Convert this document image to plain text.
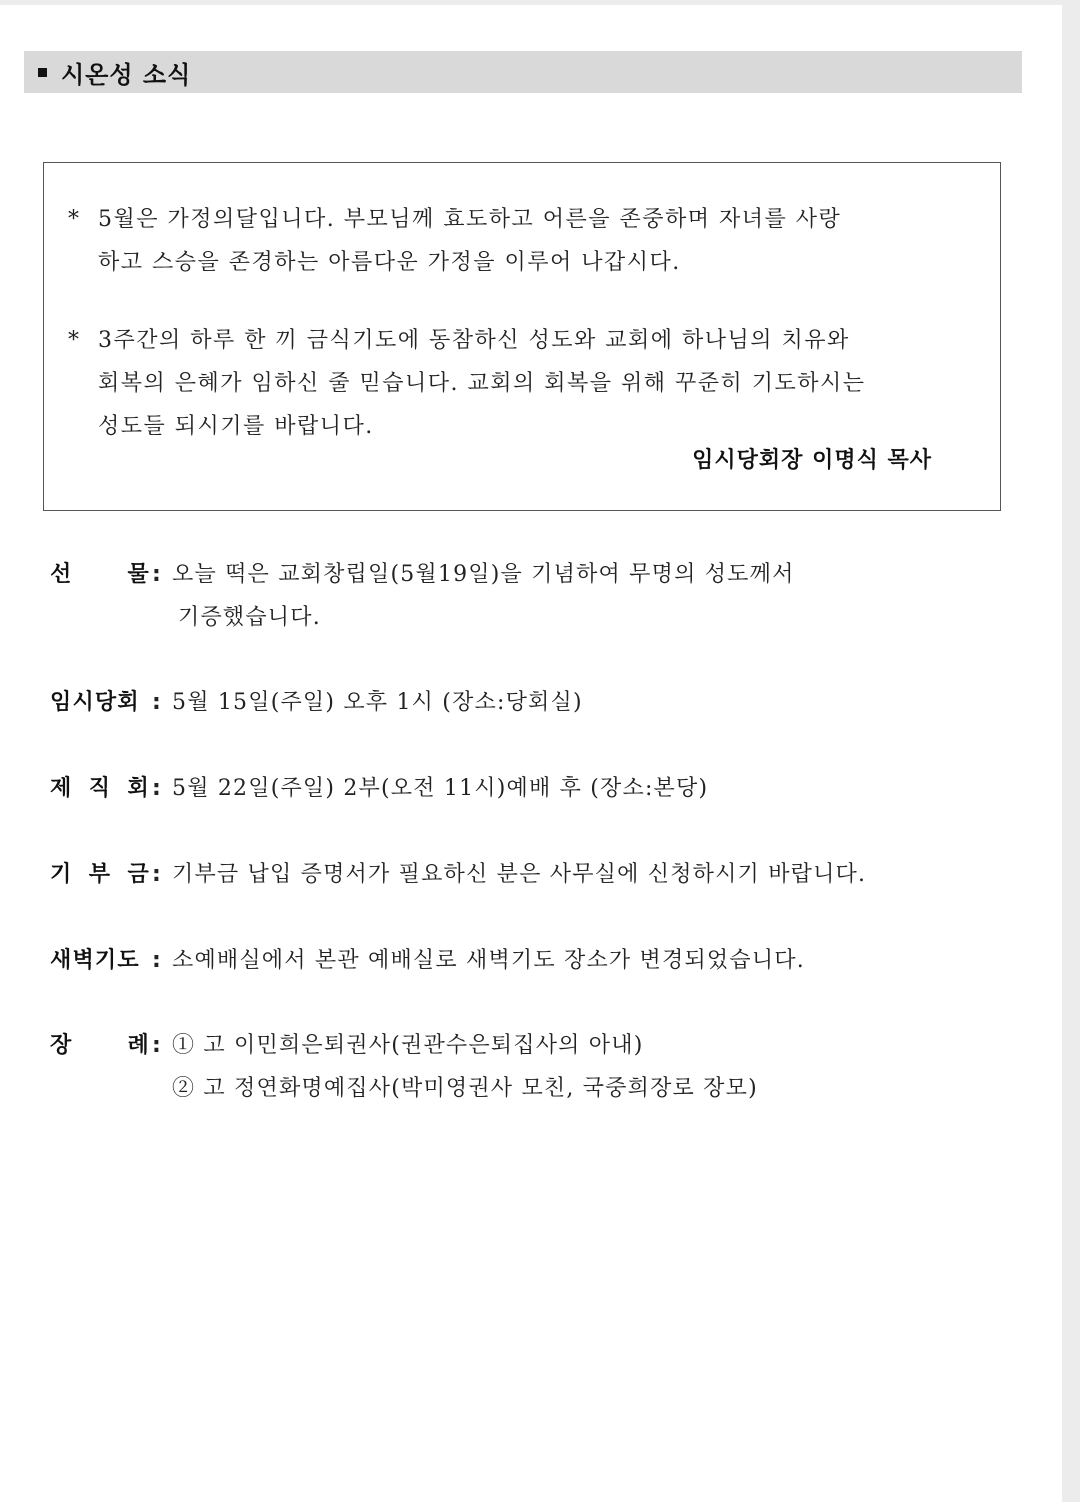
시온성 소식
* 5월은 가정의달입니다. 부모님께 효도하고 어른을 존중하며 자녀를 사랑
하고 스승을 존경하는 아름다운 가정을 이루어 나갑시다.
* 3주간의 하루 한 끼 금식기도에 동참하신 성도와 교회에 하나님의 치유와
회복의 은혜가 임하신 줄 믿습니다. 교회의 회복을 위해 꾸준히 기도하시는
성도들 되시기를 바랍니다.
임시당회장 이명식 목사
선	물 : 오늘 떡은 교회창립일(5월19일)을 기념하여 무명의 성도께서
기증했습니다.
임시당회 : 5월 15일(주일) 오후 1시 (장소:당회실)
제 직 회 : 5월 22일(주일) 2부(오전 11시)예배 후 (장소:본당)
기 부 금 : 기부금 납입 증명서가 필요하신 분은 사무실에 신청하시기 바랍니다.
새벽기도 : 소예배실에서 본관 예배실로 새벽기도 장소가 변경되었습니다.
장	례 : ① 고 이민희은퇴권사(권관수은퇴집사의 아내)
② 고 정연화명예집사(박미영권사 모친, 국중희장로 장모)
